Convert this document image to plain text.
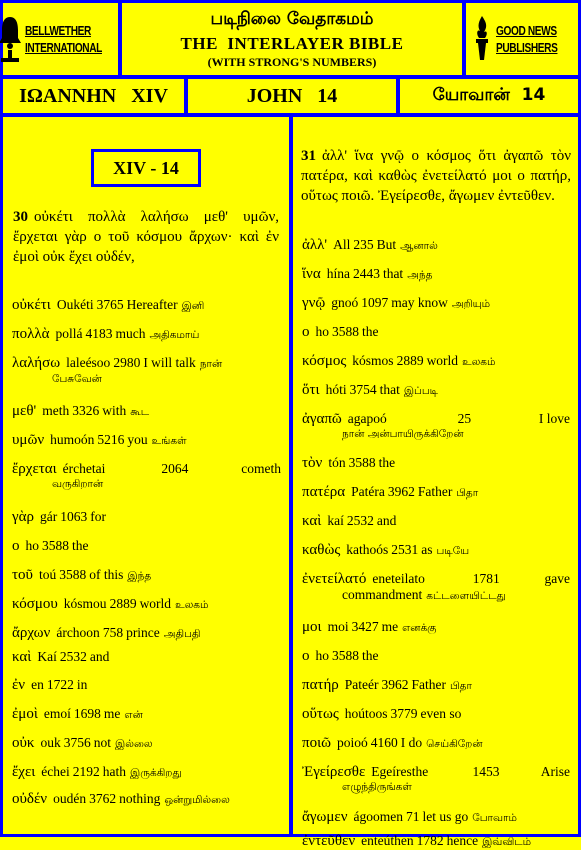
BELLWETHER
INTERNATIONAL
படிநிலை வேதாகமம்
THE  INTERLAYER BIBLE
(WITH STRONG'S NUMBERS)
GOOD NEWS
PUBLISHERS
ΙΩΑΝΝΗΝ   XIV	JOHN   14	யோவான்  14
XIV - 14
30 οὐκέτι πολλὰ λαλήσω μεθ' υμῶν, ἔρχεται γὰρ ο τοῦ κόσμου ἄρχων· καὶ ἐν ἐμοὶ οὐκ ἔχει οὐδέν,
οὐκέτι Oukéti 3765 Hereafter இனி
πολλὰ pollá 4183 much அதிகமாய்
λαλήσω laleésoo 2980 I will talk நான்
பேசுவேன்
μεθ' meth 3326 with கூட
υμῶν humoón 5216 you உங்கள்
ἔρχεται érchetai	2064	cometh
வருகிறான்
γὰρ gár 1063 for
ο ho 3588 the
τοῦ toú 3588 of this இந்த
κόσμου kósmou 2889 world உலகம்
ἄρχων árchoon 758 prince அதிபதி
καὶ Kaí 2532 and
ἐν en 1722 in
ἐμοὶ emoí 1698 me என்
οὐκ ouk 3756 not இல்லை
ἔχει échei 2192 hath இருக்கிறது
οὐδέν oudén 3762 nothing ஒன்றுமில்லை
31 ἀλλ' ἵνα γνῷ ο κόσμος ὅτι ἀγαπῶ τὸν πατέρα, καὶ καθὼς ἐνετείλατό μοι ο πατήρ, οὕτως ποιῶ. Ἐγείρεσθε, ἄγωμεν ἐντεῦθεν.
ἀλλ' All 235 But ஆனால்
ἵνα hína 2443 that அந்த
γνῷ gnoó 1097 may know அறியும்
ο ho 3588 the
κόσμος kósmos 2889 world உலகம்
ὅτι hóti 3754 that இப்படி
ἀγαπῶ agapoó	25	I love
நான் அன்பாயிருக்கிறேன்
τὸν tón 3588 the
πατέρα Patéra 3962 Father பிதா
καὶ kaí 2532 and
καθὼς kathoós 2531 as படியே
ἐνετείλατό eneteilato	1781	gave
commandment கட்டளையிட்டது
μοι moi 3427 me எனக்கு
ο ho 3588 the
πατήρ Pateér 3962 Father பிதா
οὕτως hoútoos 3779 even so
ποιῶ poioó 4160 I do செய்கிறேன்
Ἐγείρεσθε Egeíresthe	1453	Arise
எழுந்திருங்கள்
ἄγωμεν ágoomen 71 let us go போவாம்
ἐντεῦθεν enteúthen 1782 hence இவ்விடம்
